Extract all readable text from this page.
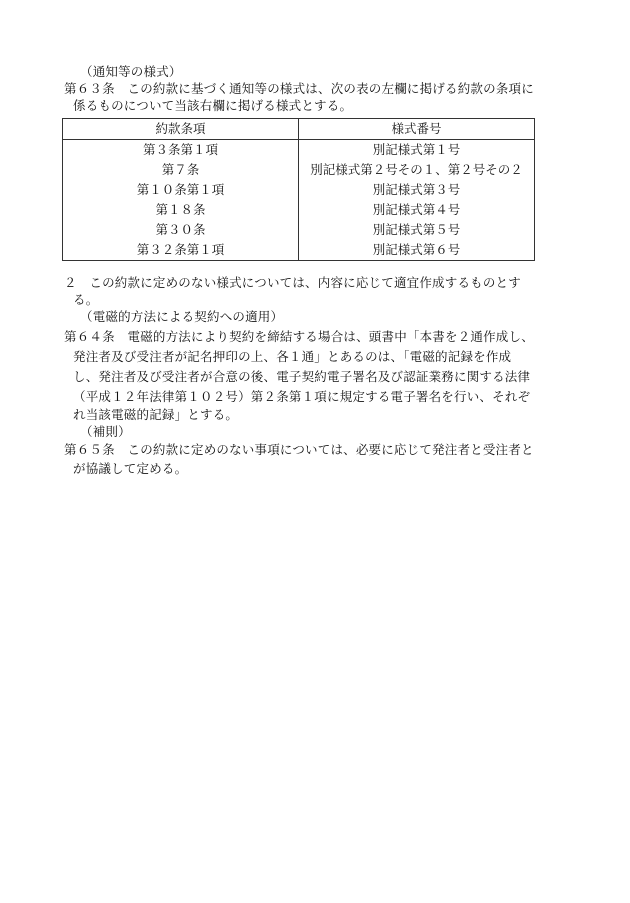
（通知等の様式）
第６３条　この約款に基づく通知等の様式は、次の表の左欄に掲げる約款の条項に
係るものについて当該右欄に掲げる様式とする。
約款条項	様式番号
第３条第１項	別記様式第１号
第７条	別記様式第２号その１、第２号その２
第１０条第１項	別記様式第３号
第１８条	別記様式第４号
第３０条	別記様式第５号
第３２条第１項	別記様式第６号
２　この約款に定めのない様式については、内容に応じて適宜作成するものとす
る。
（電磁的方法による契約への適用）
第６４条　電磁的方法により契約を締結する場合は、頭書中「本書を２通作成し、
発注者及び受注者が記名押印の上、各１通」とあるのは、「電磁的記録を作成
し、発注者及び受注者が合意の後、電子契約電子署名及び認証業務に関する法律
（平成１２年法律第１０２号）第２条第１項に規定する電子署名を行い、それぞ
れ当該電磁的記録」とする。
（補則）
第６５条　この約款に定めのない事項については、必要に応じて発注者と受注者と
が協議して定める。
